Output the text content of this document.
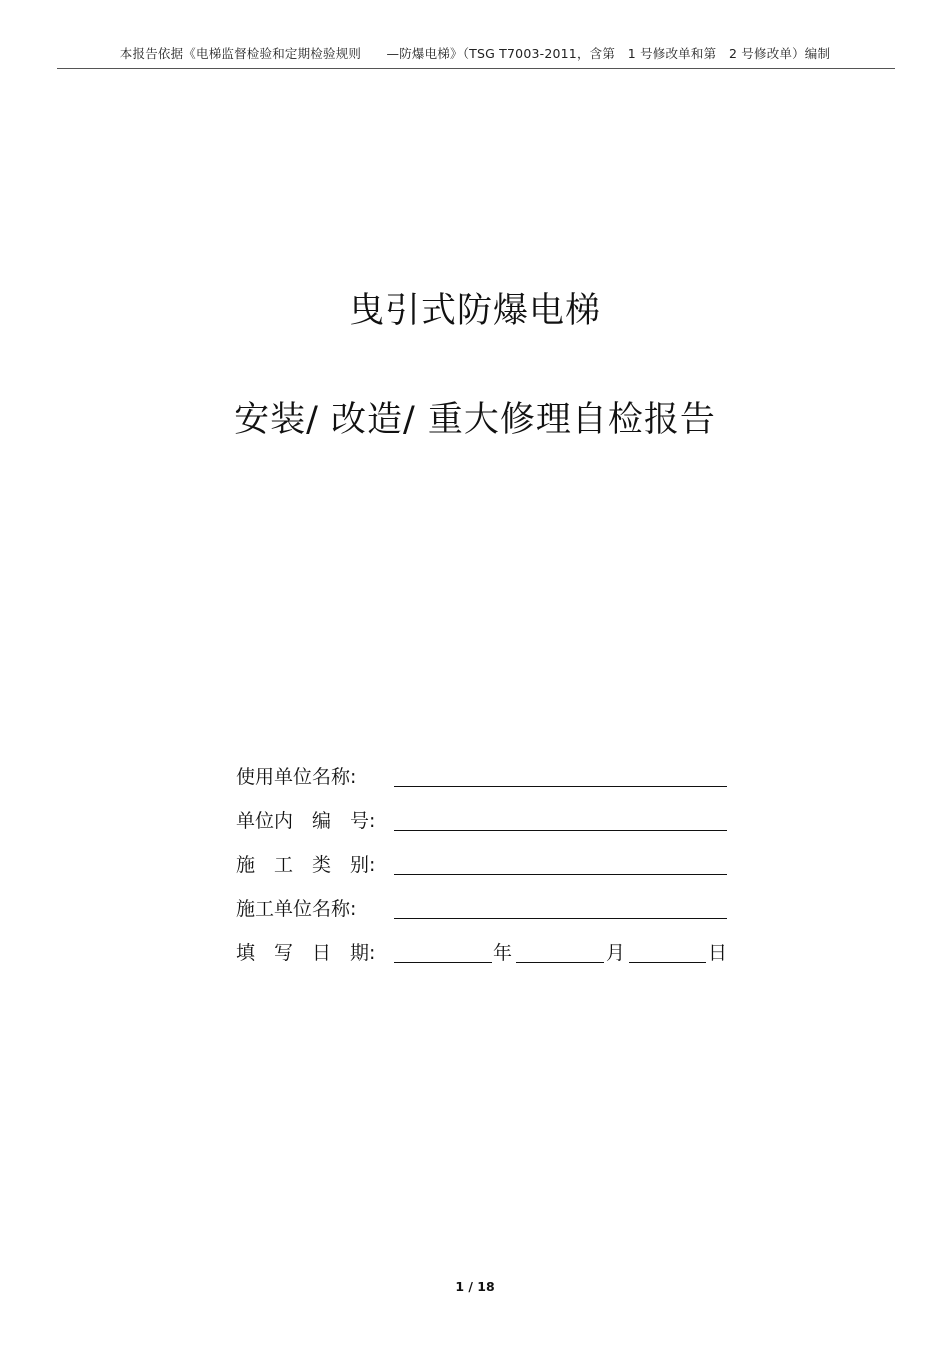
本报告依据《电梯监督检验和定期检验规则　　—防爆电梯》（TSG T7003-2011，含第　1 号修改单和第　2 号修改单）编制
曳引式防爆电梯
安装/ 改造/ 重大修理自检报告
使用单位名称:
单位内　编　号:
施　工　类　别:
施工单位名称:
填　写　日　期:	年	月	日
1 / 18
